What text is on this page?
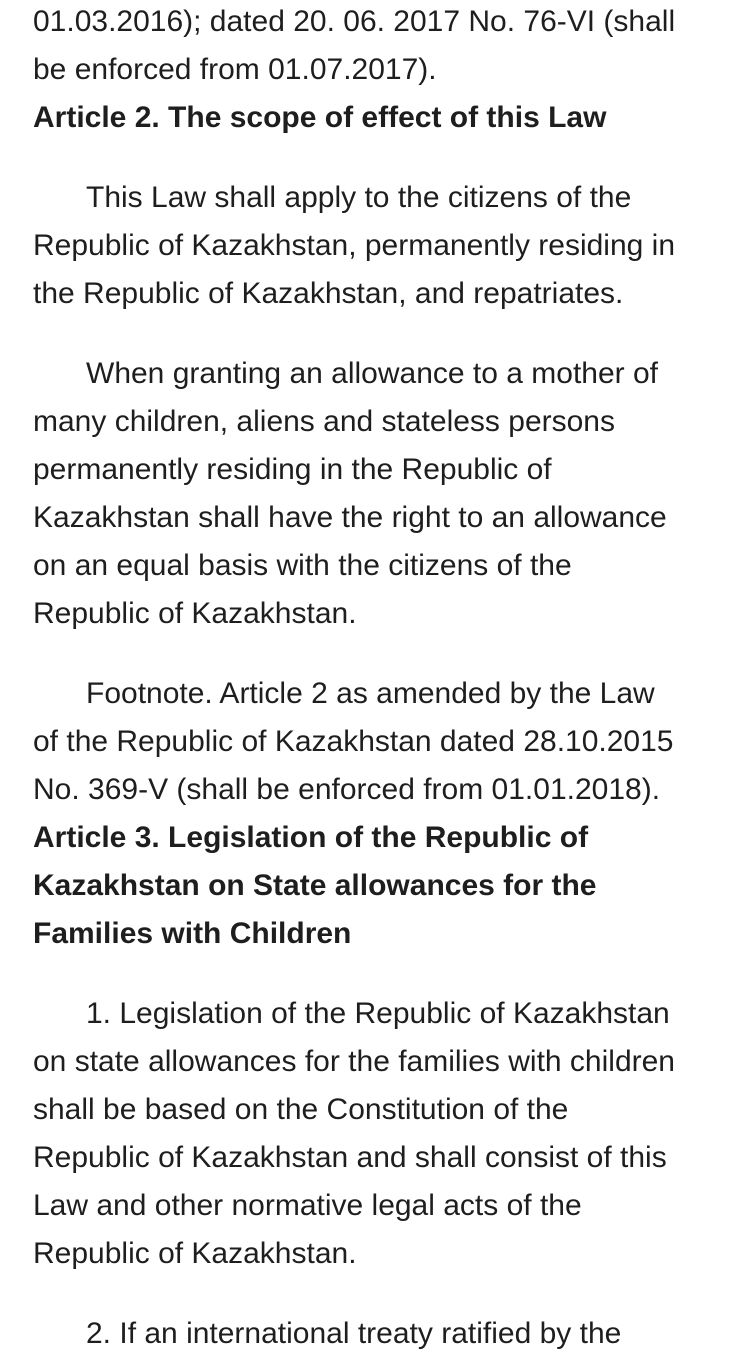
01.03.2016); dated 20. 06. 2017 No. 76-VI (shall
be enforced from 01.07.2017).
Article 2. The scope of effect of this Law
This Law shall apply to the citizens of the
Republic of Kazakhstan, permanently residing in
the Republic of Kazakhstan, and repatriates.
When granting an allowance to a mother of
many children, aliens and stateless persons
permanently residing in the Republic of
Kazakhstan shall have the right to an allowance
on an equal basis with the citizens of the
Republic of Kazakhstan.
Footnote. Article 2 as amended by the Law
of the Republic of Kazakhstan dated 28.10.2015
No. 369-V (shall be enforced from 01.01.2018).
Article 3. Legislation of the Republic of
Kazakhstan on State allowances for the
Families with Children
1. Legislation of the Republic of Kazakhstan
on state allowances for the families with children
shall be based on the Constitution of the
Republic of Kazakhstan and shall consist of this
Law and other normative legal acts of the
Republic of Kazakhstan.
2. If an international treaty ratified by the
